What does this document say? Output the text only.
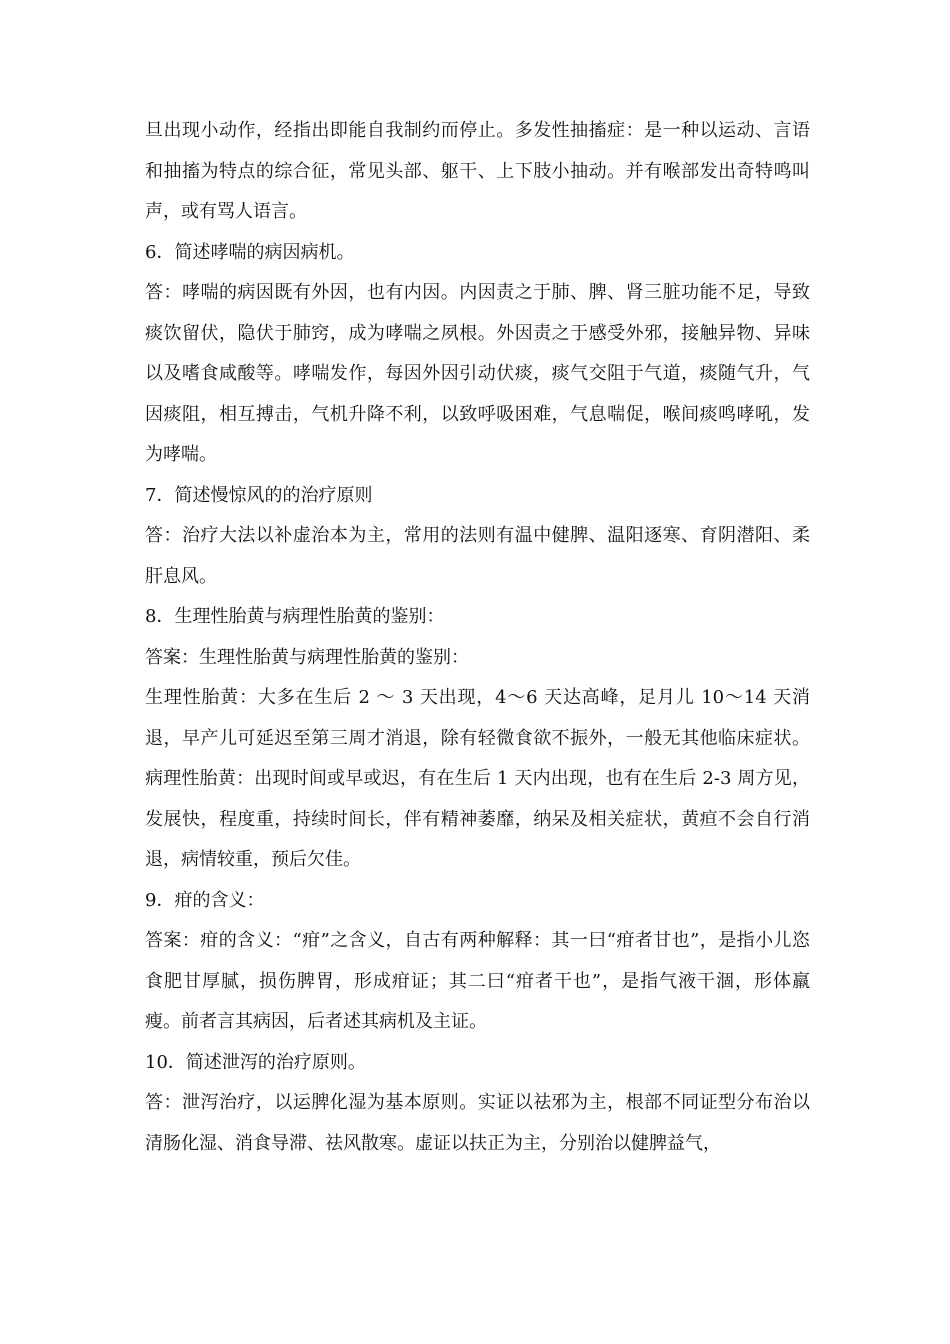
旦出现小动作，经指出即能自我制约而停止。多发性抽搐症：是一种以运动、言语和抽搐为特点的综合征，常见头部、躯干、上下肢小抽动。并有喉部发出奇特鸣叫声，或有骂人语言。

6．简述哮喘的病因病机。

答：哮喘的病因既有外因，也有内因。内因责之于肺、脾、肾三脏功能不足，导致痰饮留伏，隐伏于肺窍，成为哮喘之夙根。外因责之于感受外邪，接触异物、异味以及嗜食咸酸等。哮喘发作，每因外因引动伏痰，痰气交阻于气道，痰随气升，气因痰阻，相互搏击，气机升降不利，以致呼吸困难，气息喘促，喉间痰鸣哮吼，发为哮喘。

7．简述慢惊风的的治疗原则

答：治疗大法以补虚治本为主，常用的法则有温中健脾、温阳逐寒、育阴潜阳、柔肝息风。

8．生理性胎黄与病理性胎黄的鉴别：

答案：生理性胎黄与病理性胎黄的鉴别：

生理性胎黄：大多在生后 2 ～ 3 天出现，4～6 天达高峰，足月儿 10～14 天消退，早产儿可延迟至第三周才消退，除有轻微食欲不振外，一般无其他临床症状。病理性胎黄：出现时间或早或迟，有在生后 1 天内出现，也有在生后 2-3 周方见，发展快，程度重，持续时间长，伴有精神萎靡，纳呆及相关症状，黄疸不会自行消退，病情较重，预后欠佳。

9．疳的含义：

答案：疳的含义：“疳”之含义，自古有两种解释：其一曰“疳者甘也”，是指小儿恣食肥甘厚腻，损伤脾胃，形成疳证；其二曰“疳者干也”，是指气液干涸，形体羸瘦。前者言其病因，后者述其病机及主证。

10．简述泄泻的治疗原则。

答：泄泻治疗，以运脾化湿为基本原则。实证以祛邪为主，根部不同证型分布治以清肠化湿、消食导滞、祛风散寒。虚证以扶正为主，分别治以健脾益气，
